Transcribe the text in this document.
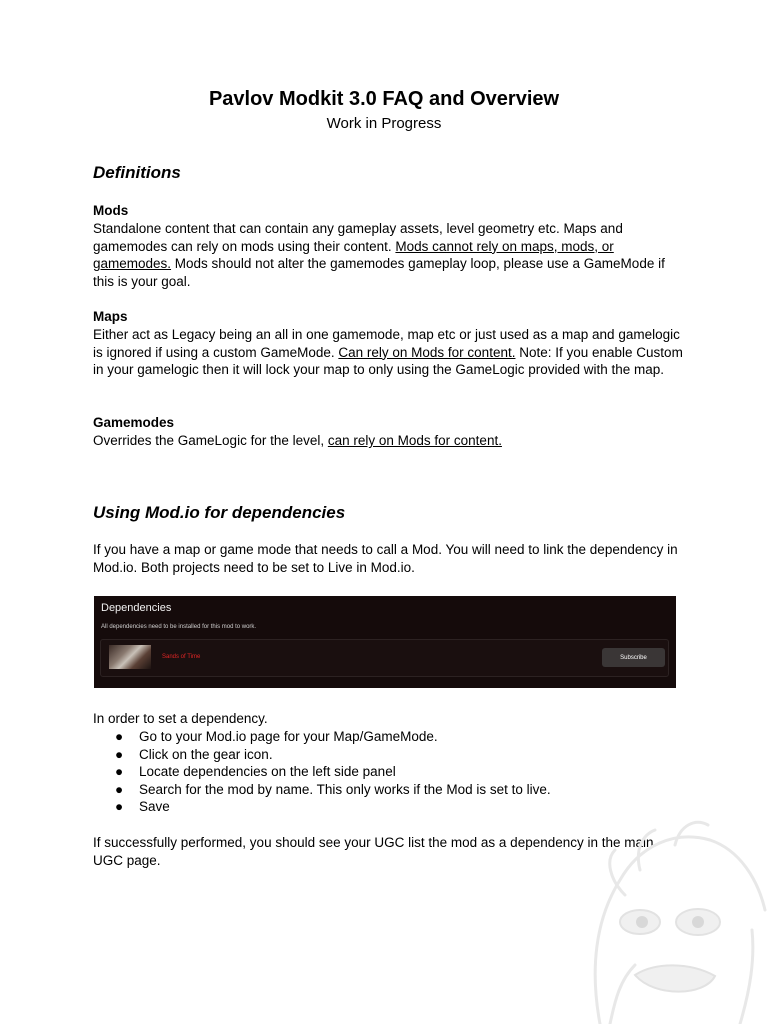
Pavlov Modkit 3.0 FAQ and Overview
Work in Progress
Definitions
Mods
Standalone content that can contain any gameplay assets, level geometry etc. Maps and gamemodes can rely on mods using their content. Mods cannot rely on maps, mods, or gamemodes. Mods should not alter the gamemodes gameplay loop, please use a GameMode if this is your goal.
Maps
Either act as Legacy being an all in one gamemode, map etc or just used as a map and gamelogic is ignored if using a custom GameMode. Can rely on Mods for content. Note: If you enable Custom in your gamelogic then it will lock your map to only using the GameLogic provided with the map.
Gamemodes
Overrides the GameLogic for the level, can rely on Mods for content.
Using Mod.io for dependencies
If you have a map or game mode that needs to call a Mod. You will need to link the dependency in Mod.io. Both projects need to be set to Live in Mod.io.
Dependencies
All dependencies need to be installed for this mod to work.
Sands of Time	Subscribe
In order to set a dependency.
● Go to your Mod.io page for your Map/GameMode.
● Click on the gear icon.
● Locate dependencies on the left side panel
● Search for the mod by name. This only works if the Mod is set to live.
● Save
If successfully performed, you should see your UGC list the mod as a dependency in the main UGC page.
